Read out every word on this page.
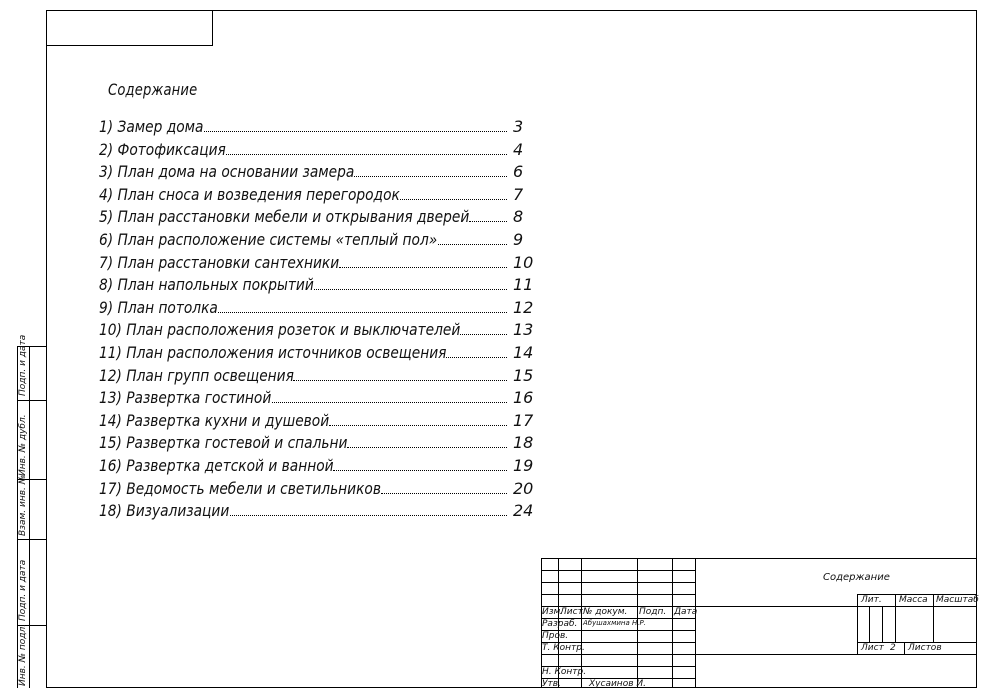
Содержание
1) Замер дома	3
2) Фотофиксация	4
3) План дома на основании замера	6
4) План сноса и возведения перегородок	7
5) План расстановки мебели и открывания дверей	8
6) План расположение системы «теплый пол»	9
7) План расстановки сантехники	10
8) План напольных покрытий	11
9) План потолка	12
10) План расположения розеток и выключателей	13
11) План расположения источников освещения	14
12) План групп освещения	15
13) Развертка гостиной	16
14) Развертка кухни и душевой	17
15) Развертка гостевой и спальни	18
16) Развертка детской и ванной	19
17) Ведомость мебели и светильников	20
18) Визуализации	24
Подп. и дата
Инв. № дубл.
Взам. инв. №
Подп. и дата
Инв. № подл.
Содержание
Изм.
Лист № докум. Подп. Дата
Разраб. Абушахмина Н.Р.
Пров.
Т. Контр.
Н. Контр.
Утв.	Хусаинов И.
Лит. Масса Масштаб
Лист 2 Листов
